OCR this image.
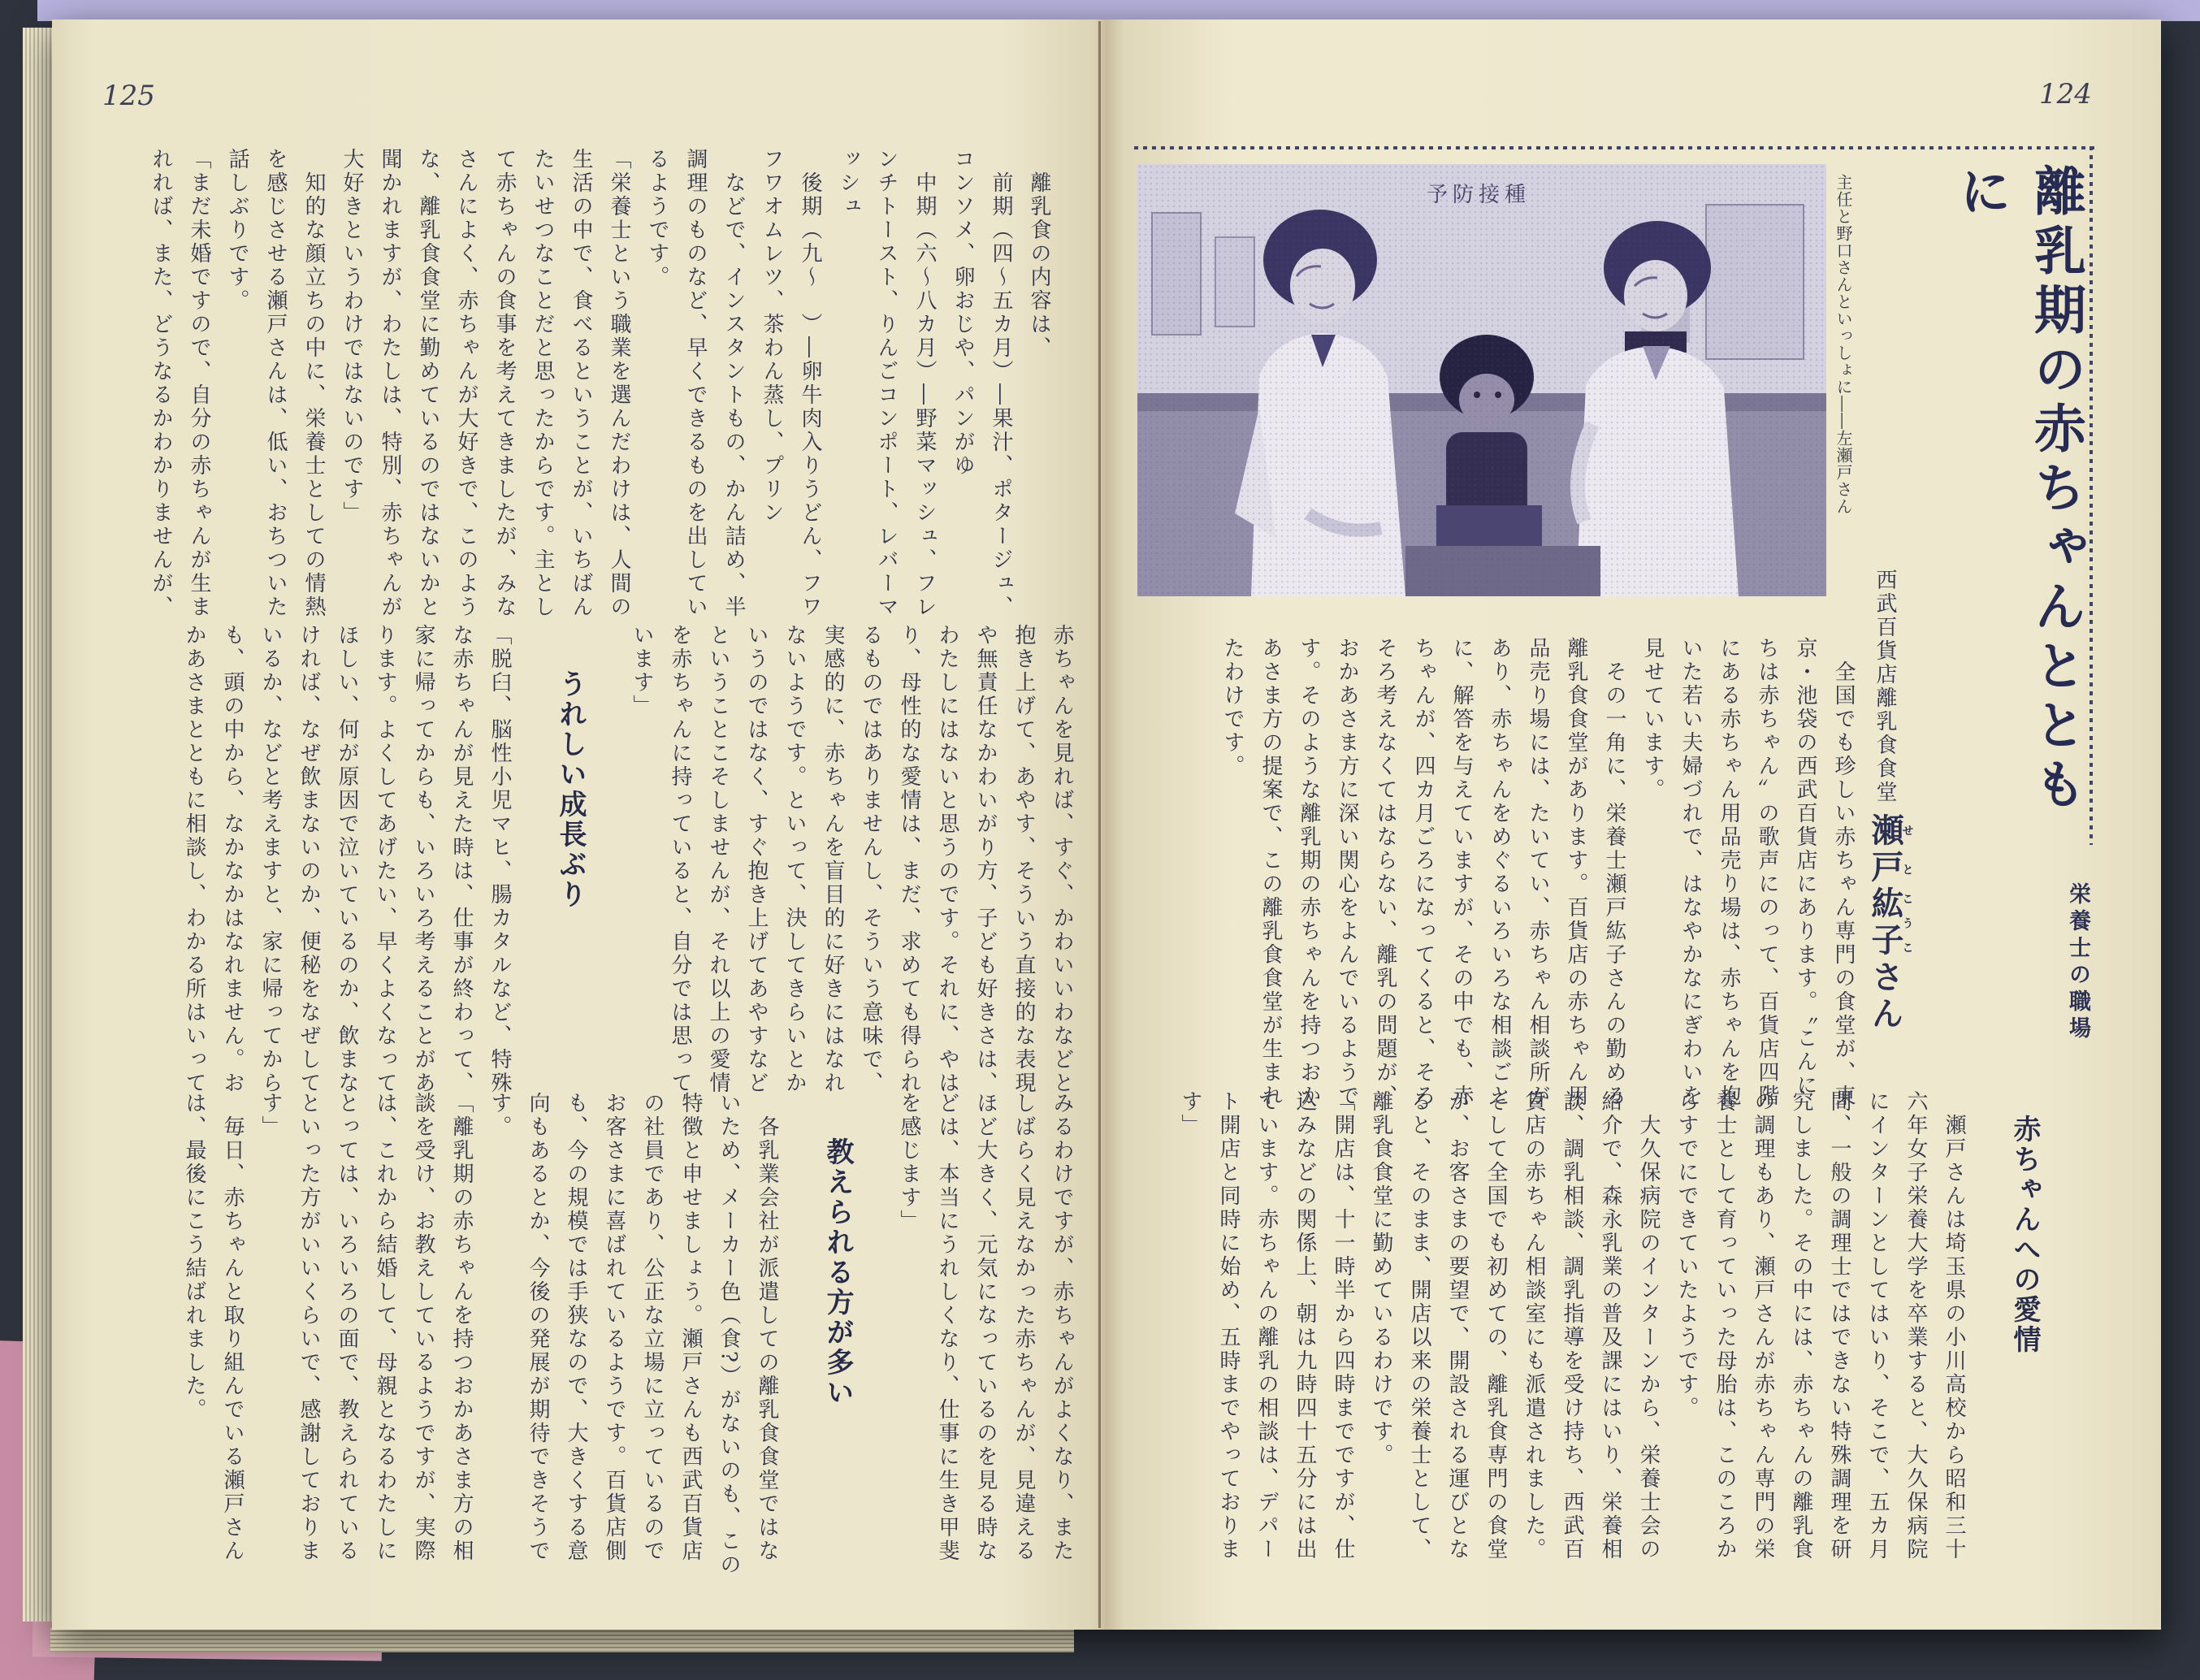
125

　離乳食の内容は、

　前期（四〜五カ月）―果汁、ポタージュ、コンソメ、卵おじや、パンがゆ

　中期（六〜八カ月）―野菜マッシュ、フレンチトースト、りんごコンポート、レバーマッシュ

　後期（九〜　）―卵牛肉入りうどん、フワフワオムレツ、茶わん蒸し、プリン

　などで、インスタントもの、かん詰め、半調理のものなど、早くできるものを出しているようです。

「栄養士という職業を選んだわけは、人間の生活の中で、食べるということが、いちばんたいせつなことだと思ったからです。主として赤ちゃんの食事を考えてきましたが、みなさんによく、赤ちゃんが大好きで、このような、離乳食食堂に勤めているのではないかと聞かれますが、わたしは、特別、赤ちゃんが大好きというわけではないのです」

　知的な顔立ちの中に、栄養士としての情熱を感じさせる瀬戸さんは、低い、おちついた話しぶりです。

「まだ未婚ですので、自分の赤ちゃんが生まれれば、また、どうなるかわかりませんが、

赤ちゃんを見れば、すぐ、かわいいわなどと抱き上げて、あやす、そういう直接的な表現や無責任なかわいがり方、子ども好きさは、わたしにはないと思うのです。それに、やはり、母性的な愛情は、まだ、求めても得られるものではありませんし、そういう意味で、実感的に、赤ちゃんを盲目的に好きにはなれないようです。といって、決してきらいとかいうのではなく、すぐ抱き上げてあやすなどということこそしませんが、それ以上の愛情を赤ちゃんに持っていると、自分では思っています」

うれしい成長ぶり

「脱臼、脳性小児マヒ、腸カタルなど、特殊な赤ちゃんが見えた時は、仕事が終わって、家に帰ってからも、いろいろ考えることがあります。よくしてあげたい、早くよくなってほしい、何が原因で泣いているのか、飲まなければ、なぜ飲まないのか、便秘をなぜしているか、などと考えますと、家に帰ってからも、頭の中から、なかなかはなれません。おかあさまとともに相談し、わかる所はいって

みるわけですが、赤ちゃんがよくなり、またしばらく見えなかった赤ちゃんが、見違えるほど大きく、元気になっているのを見る時などは、本当にうれしくなり、仕事に生き甲斐を感じます」

教えられる方が多い

　各乳業会社が派遣しての離乳食食堂ではないため、メーカー色（食?）がないのも、この特徴と申せましょう。瀬戸さんも西武百貨店の社員であり、公正な立場に立っているのでお客さまに喜ばれているようです。百貨店側も、今の規模では手狭なので、大きくする意向もあるとか、今後の発展が期待できそうです。

「離乳期の赤ちゃんを持つおかあさま方の相談を受け、お教えしているようですが、実際は、これから結婚して、母親となるわたしにとっては、いろいろの面で、教えられているといった方がいいくらいで、感謝しております」

　毎日、赤ちゃんと取り組んでいる瀬戸さんは、最後にこう結ばれました。

124
主任と野口さんといっしょに――左瀬戸さん	離乳期の赤ちゃんとともに
西武百貨店離乳食食堂 瀬戸せと紘子こうこさん	栄養士の職場

　全国でも珍しい赤ちゃん専門の食堂が、東京・池袋の西武百貨店にあります。〝こんにちは赤ちゃん〟の歌声にのって、百貨店四階にある赤ちゃん用品売り場は、赤ちゃんを抱いた若い夫婦づれで、はなやかなにぎわいを見せています。

　その一角に、栄養士瀬戸紘子さんの勤める離乳食食堂があります。百貨店の赤ちゃん用品売り場には、たいてい、赤ちゃん相談所があり、赤ちゃんをめぐるいろいろな相談ごとに、解答を与えていますが、その中でも、赤ちゃんが、四カ月ごろになってくると、そろそろ考えなくてはならない、離乳の問題が、おかあさま方に深い関心をよんでいるようです。そのような離乳期の赤ちゃんを持つおかあさま方の提案で、この離乳食食堂が生まれたわけです。

赤ちゃんへの愛情

　瀬戸さんは埼玉県の小川高校から昭和三十六年女子栄養大学を卒業すると、大久保病院にインターンとしてはいり、そこで、五カ月間、一般の調理士ではできない特殊調理を研究しました。その中には、赤ちゃんの離乳食の調理もあり、瀬戸さんが赤ちゃん専門の栄養士として育っていった母胎は、このころからすでにできていたようです。

　大久保病院のインターンから、栄養士会の紹介で、森永乳業の普及課にはいり、栄養相談、調乳相談、調乳指導を受け持ち、西武百貨店の赤ちゃん相談室にも派遣されました。そして全国でも初めての、離乳食専門の食堂が、お客さまの要望で、開設される運びとなると、そのまま、開店以来の栄養士として、離乳食食堂に勤めているわけです。

「開店は、十一時半から四時までですが、仕込みなどの関係上、朝は九時四十五分には出ています。赤ちゃんの離乳の相談は、デパート開店と同時に始め、五時までやっております」
